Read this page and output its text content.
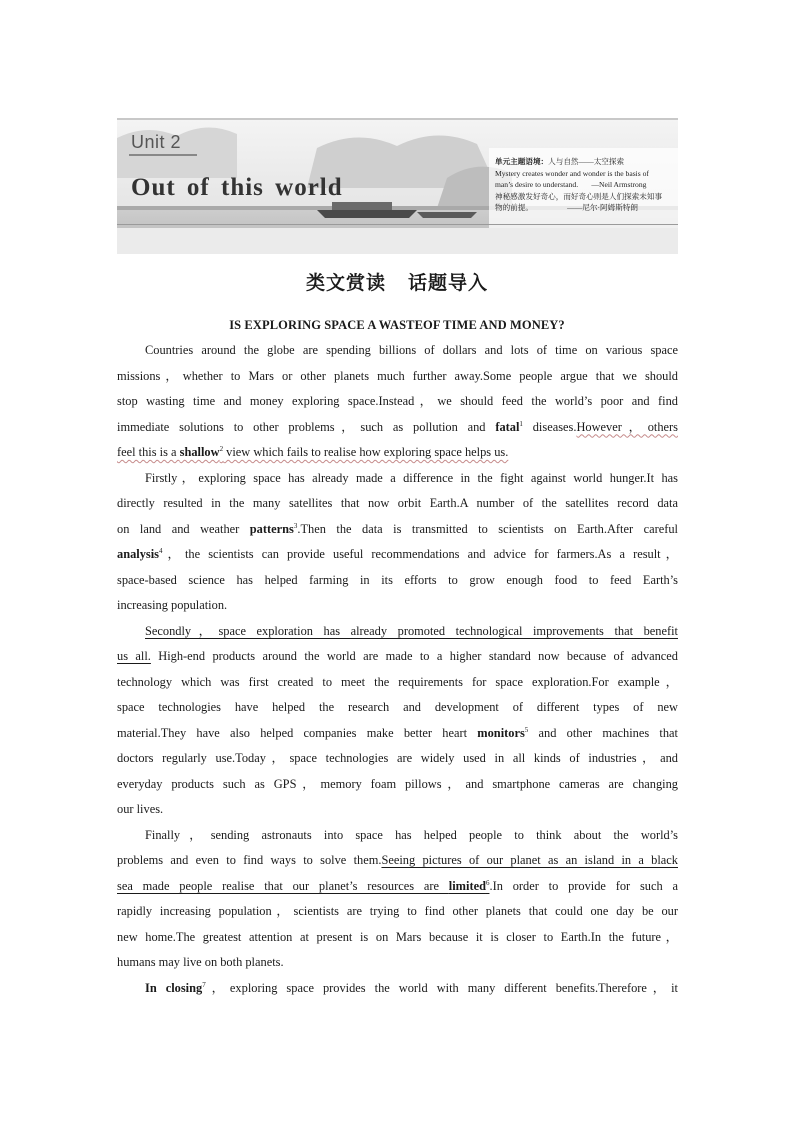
Unit 2
Out of this world
单元主题语境：人与自然——太空探索
Mystery creates wonder and wonder is the basis of
man’s desire to understand. —Neil Armstrong
神秘感激发好奇心，而好奇心则是人们探索未知事
物的前提。	——尼尔·阿姆斯特朗
类文赏读 话题导入
IS EXPLORING SPACE A WASTEOF TIME AND MONEY?
Countries around the globe are spending billions of dollars and lots of time on various space
missions，whether to Mars or other planets much further away.Some people argue that we should
stop wasting time and money exploring space.Instead，we should feed the world’s poor and find
immediate solutions to other problems，such as pollution and fatal$^1$ diseases.However，others
feel this is a shallow$^2$ view which fails to realise how exploring space helps us.
Firstly，exploring space has already made a difference in the fight against world hunger.It has
directly resulted in the many satellites that now orbit Earth.A number of the satellites record data
on land and weather patterns$^3$.Then the data is transmitted to scientists on Earth.After careful
analysis$^4$，the scientists can provide useful recommendations and advice for farmers.As a result，
space-based science has helped farming in its efforts to grow enough food to feed Earth’s
increasing population.
Secondly，space exploration has already promoted technological improvements that benefit
us all. High-end products around the world are made to a higher standard now because of advanced
technology which was first created to meet the requirements for space exploration.For example，
space technologies have helped the research and development of different types of new
material.They have also helped companies make better heart monitors$^5$ and other machines that
doctors regularly use.Today，space technologies are widely used in all kinds of industries，and
everyday products such as GPS，memory foam pillows，and smartphone cameras are changing
our lives.
Finally，sending astronauts into space has helped people to think about the world’s
problems and even to find ways to solve them.Seeing pictures of our planet as an island in a black
sea made people realise that our planet’s resources are limited$^6$.In order to provide for such a
rapidly increasing population，scientists are trying to find other planets that could one day be our
new home.The greatest attention at present is on Mars because it is closer to Earth.In the future，
humans may live on both planets.
In closing$^7$，exploring space provides the world with many different benefits.Therefore，it
